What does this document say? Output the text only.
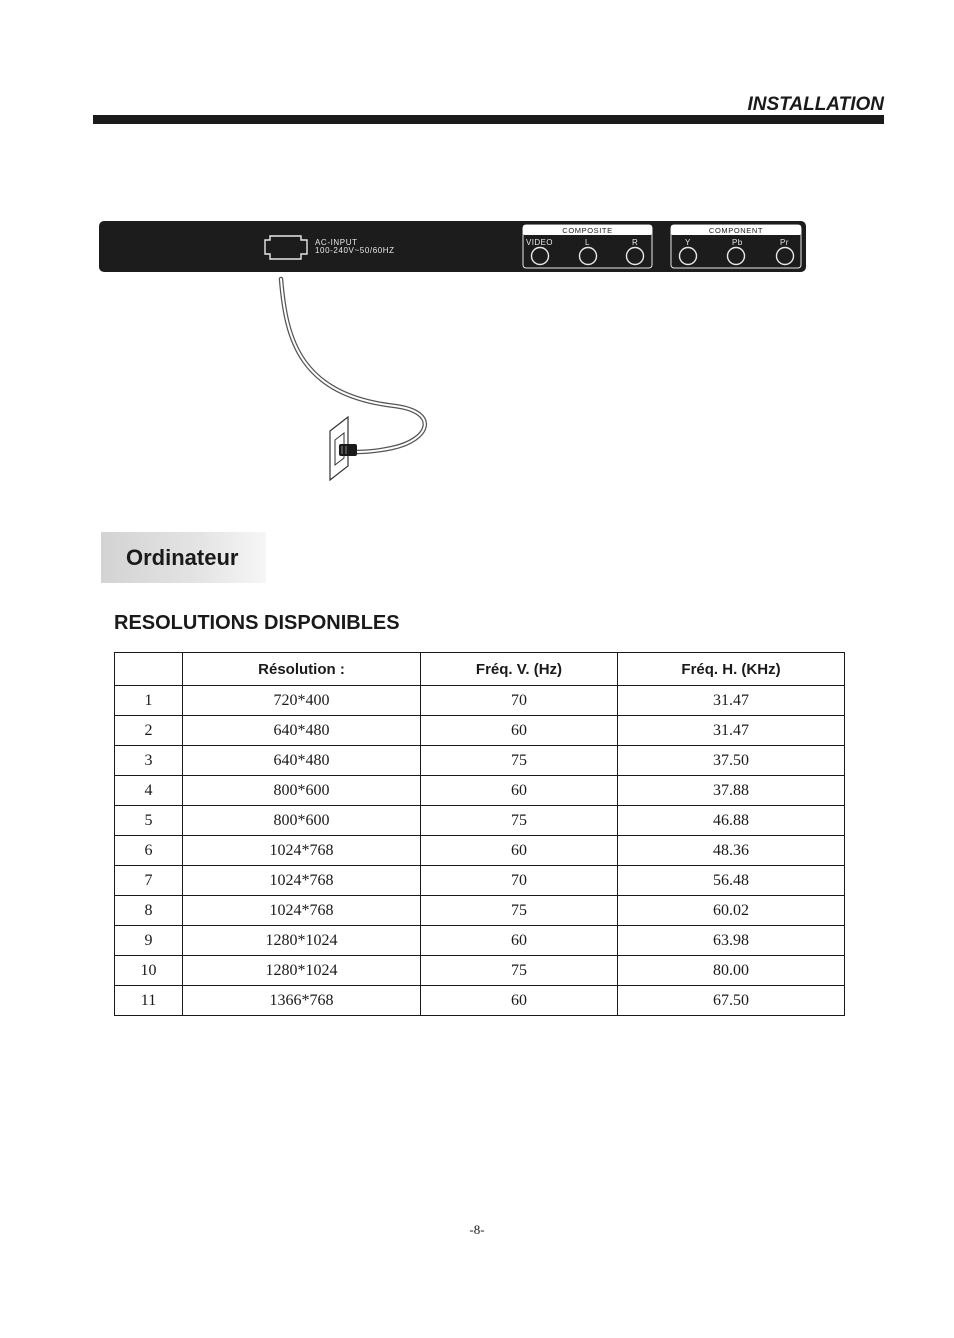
INSTALLATION
AC-INPUT
100-240V~50/60HZ
COMPOSITE	COMPONENT
VIDEO	L	R	Y	Pb	Pr
Ordinateur
RESOLUTIONS DISPONIBLES
	Résolution :	Fréq. V. (Hz)	Fréq. H. (KHz)
1	720*400	70	31.47
2	640*480	60	31.47
3	640*480	75	37.50
4	800*600	60	37.88
5	800*600	75	46.88
6	1024*768	60	48.36
7	1024*768	70	56.48
8	1024*768	75	60.02
9	1280*1024	60	63.98
10	1280*1024	75	80.00
11	1366*768	60	67.50
-8-
